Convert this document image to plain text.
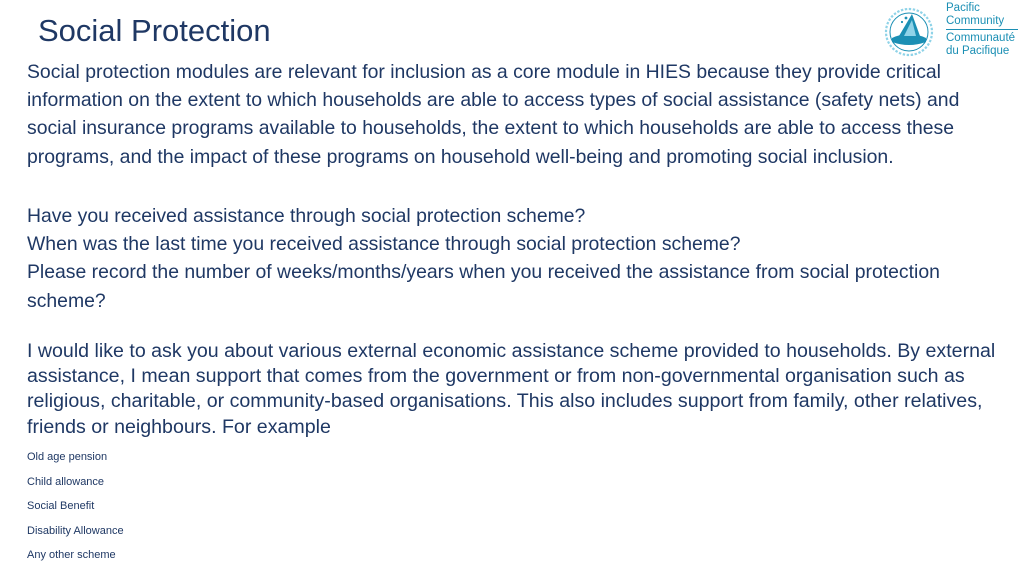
Social Protection
Pacific
Community
Communauté
du Pacifique

Social protection modules are relevant for inclusion as a core module in HIES because they provide critical information on the extent to which households are able to access types of social assistance (safety nets) and social insurance programs available to households, the extent to which households are able to access these programs, and the impact of these programs on household well-being and promoting social inclusion.

Have you received assistance through social protection scheme?
When was the last time you received assistance through social protection scheme?
Please record the number of weeks/months/years when you received the assistance from social protection scheme?

I would like to ask you about various external economic assistance scheme provided to households. By external assistance, I mean support that comes from the government or from non-governmental organisation such as religious, charitable, or community-based organisations. This also includes support from family, other relatives, friends or neighbours. For example

Old age pension
Child allowance
Social Benefit
Disability Allowance
Any other scheme
